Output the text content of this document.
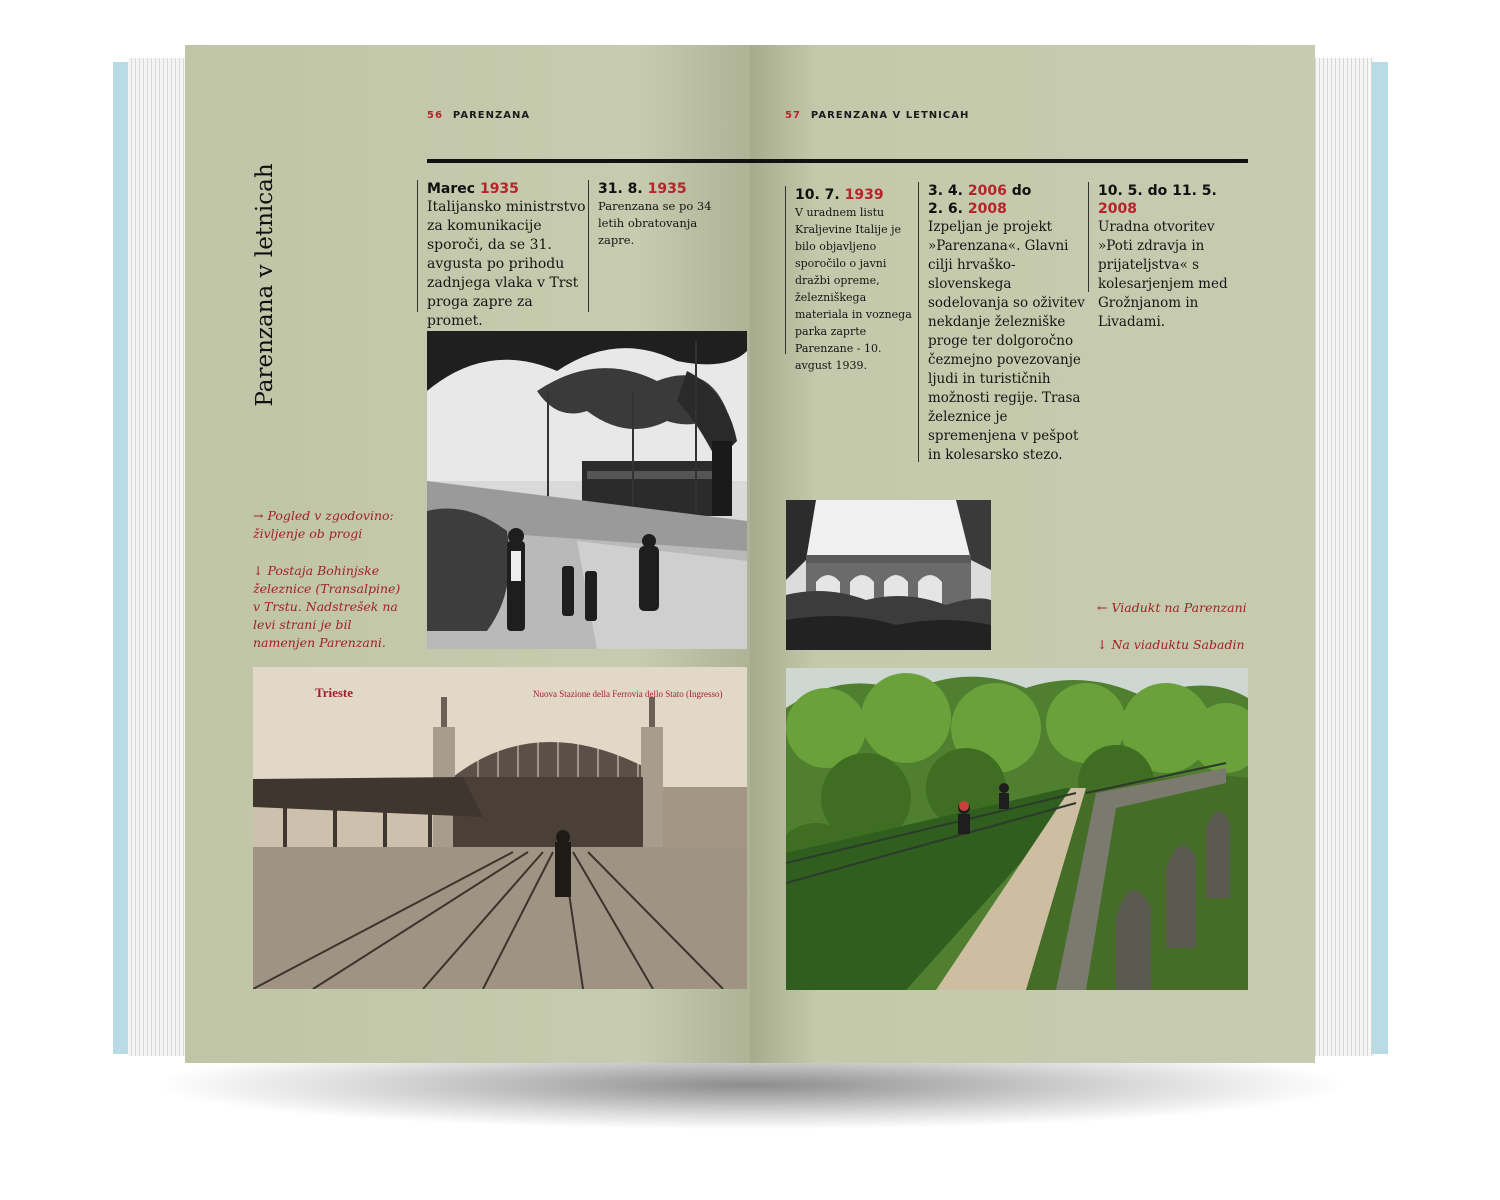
56 PARENZANA
Parenzana v letnicah	Marec 1935
Italijansko ministrstvo za komunikacije sporoči, da se 31. avgusta po prihodu zadnjega vlaka v Trst proga zapre za promet.
31. 8. 1935
Parenzana se po 34 letih obratovanja zapre.
→ Pogled v zgodovino: življenje ob progi
↓ Postaja Bohinjske železnice (Transalpine) v Trstu. Nadstrešek na levi strani je bil namenjen Parenzani.
Trieste	Nuova Stazione della Ferrovia dello Stato (Ingresso)
57 PARENZANA V LETNICAH
10. 7. 1939
V uradnem listu Kraljevine Italije je bilo objavljeno sporočilo o javni dražbi opreme, železniškega materiala in voznega parka zaprte Parenzane - 10. avgust 1939.
3. 4. 2006 do
2. 6. 2008
Izpeljan je projekt »Parenzana«. Glavni cilji hrvaško-slovenskega sodelovanja so oživitev nekdanje železniške proge ter dolgoročno čezmejno povezovanje ljudi in turističnih možnosti regije. Trasa železnice je spremenjena v pešpot in kolesarsko stezo.
10. 5. do 11. 5. 2008
Uradna otvoritev »Poti zdravja in prijateljstva« s kolesarjenjem med Grožnjanom in Livadami.
← Viadukt na Parenzani
↓ Na viaduktu Sabadin
